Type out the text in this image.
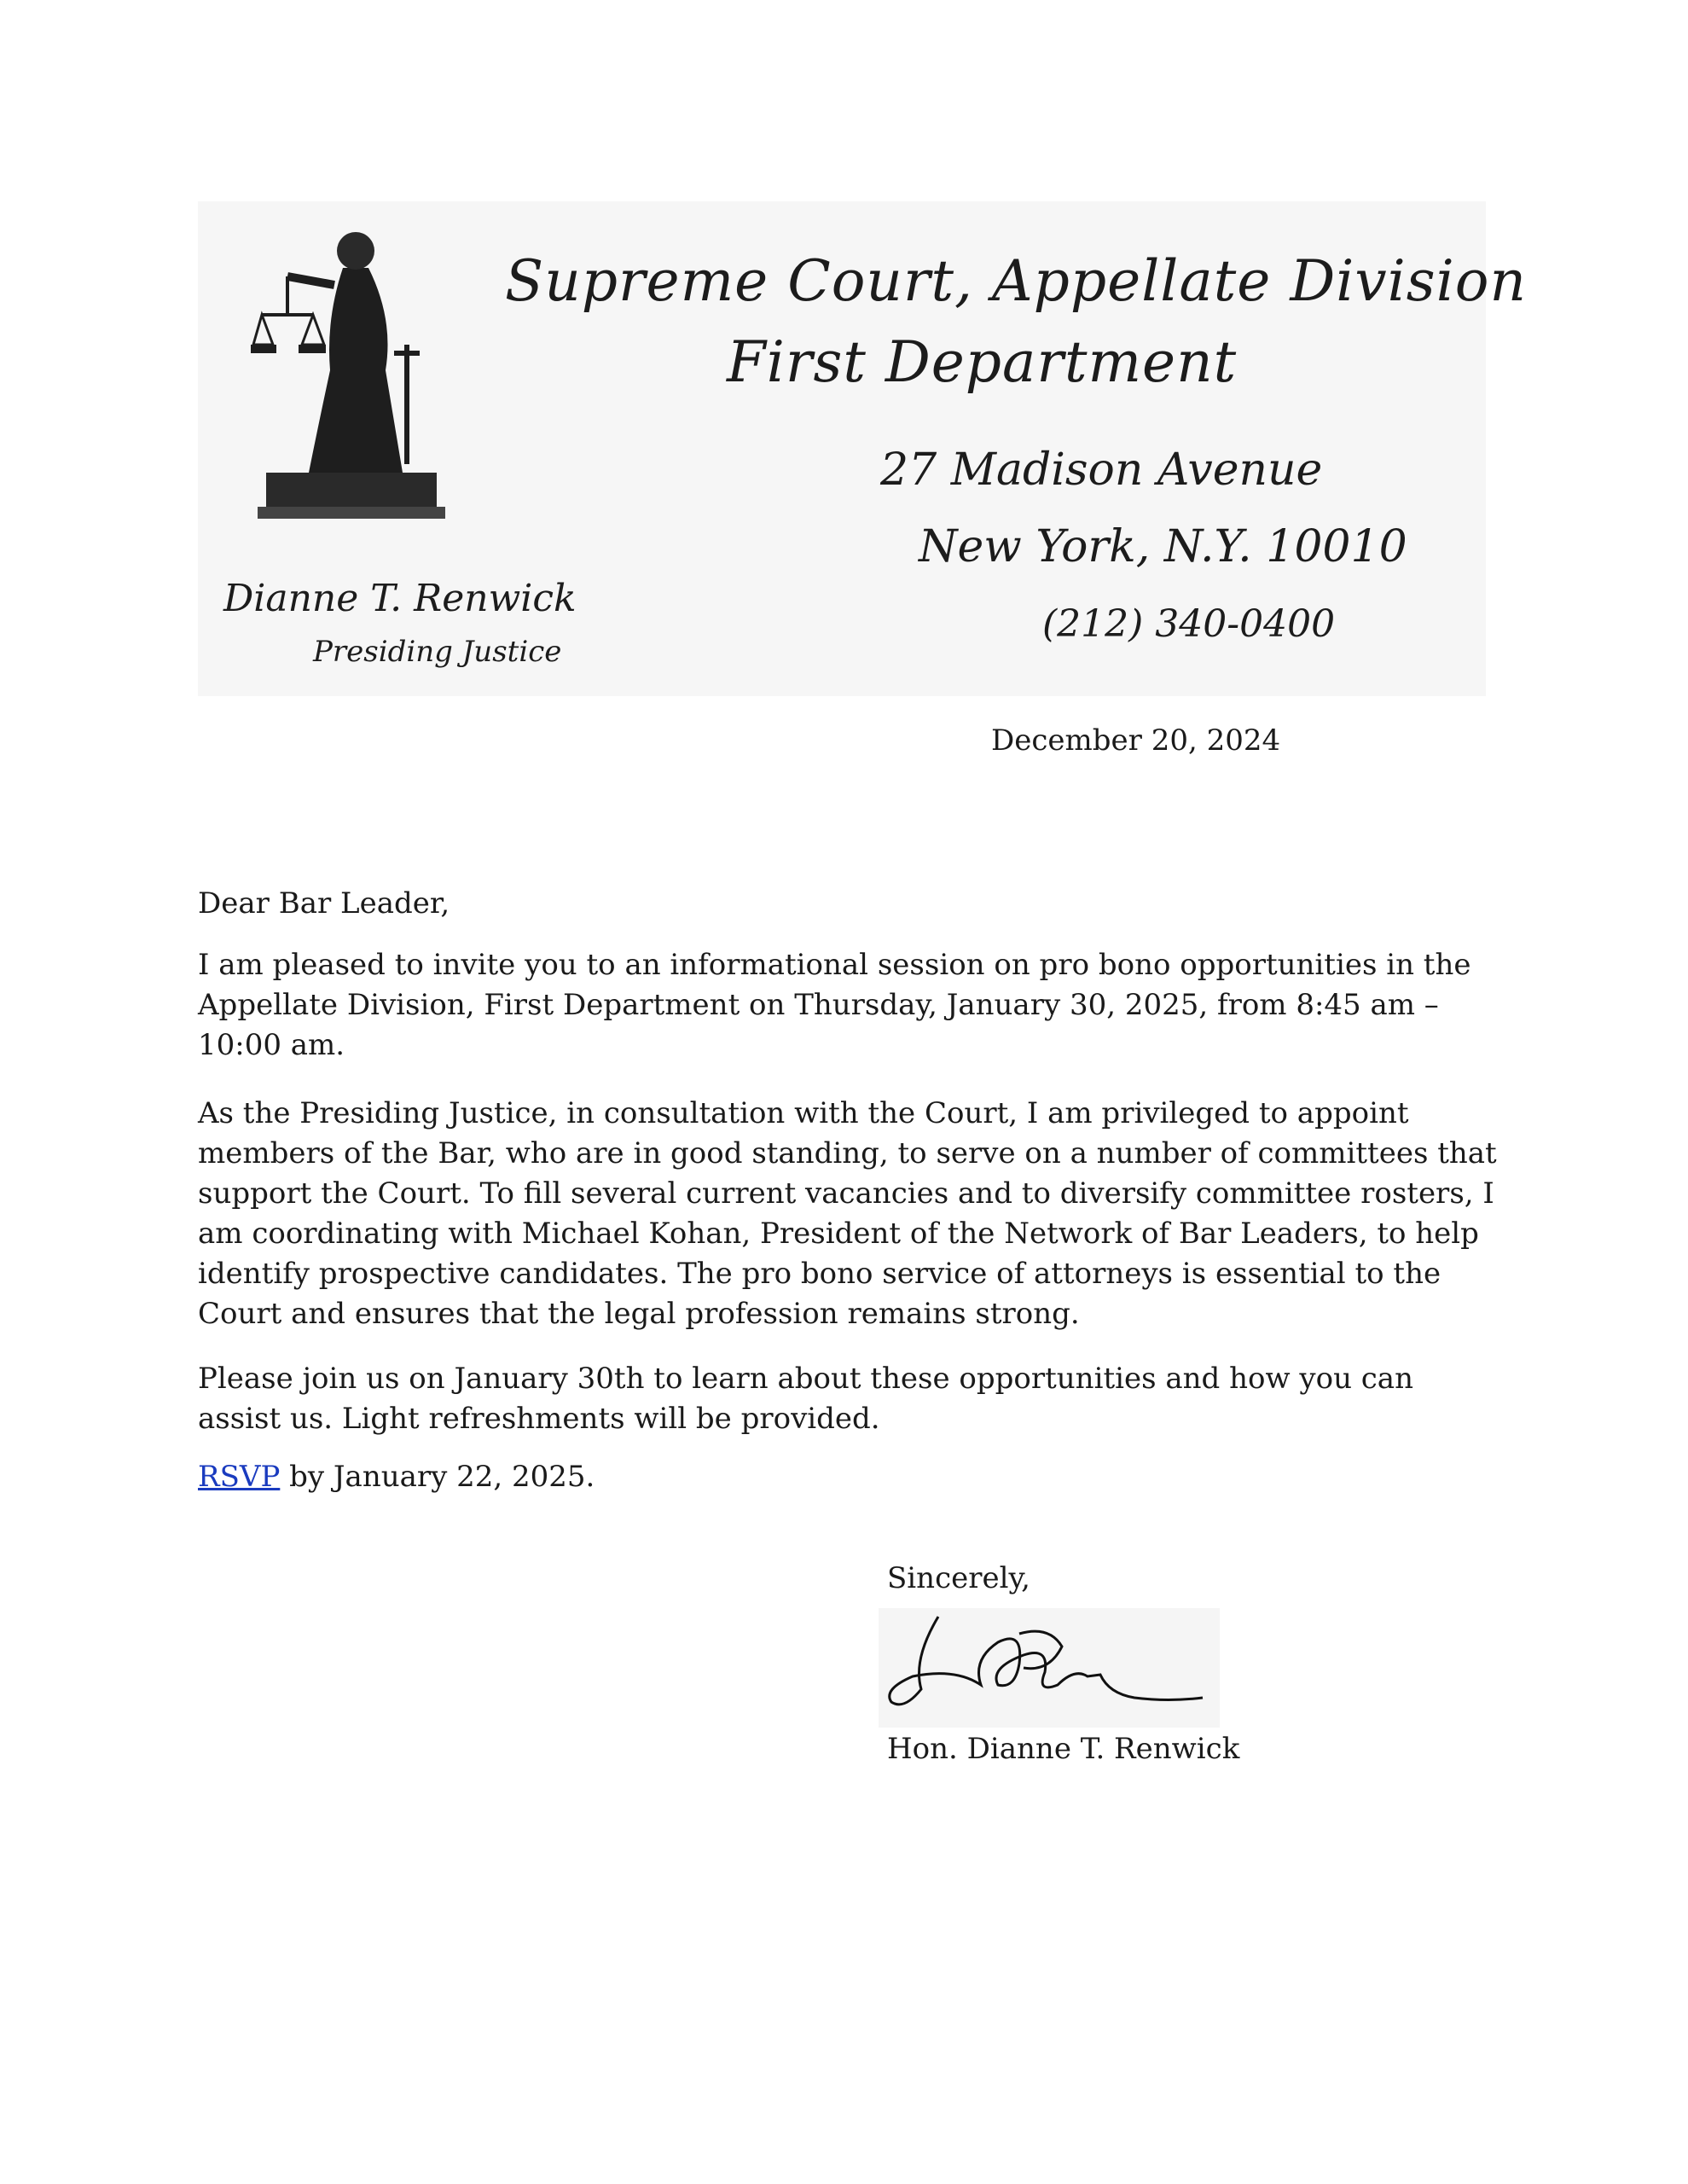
Supreme Court, Appellate Division
First Department
27 Madison Avenue
New York, N.Y. 10010
(212) 340-0400
Dianne T. Renwick
Presiding Justice
December 20, 2024

Dear Bar Leader,

I am pleased to invite you to an informational session on pro bono opportunities in the Appellate Division, First Department on Thursday, January 30, 2025, from 8:45 am – 10:00 am.

As the Presiding Justice, in consultation with the Court, I am privileged to appoint members of the Bar, who are in good standing, to serve on a number of committees that support the Court. To fill several current vacancies and to diversify committee rosters, I am coordinating with Michael Kohan, President of the Network of Bar Leaders, to help identify prospective candidates. The pro bono service of attorneys is essential to the Court and ensures that the legal profession remains strong.

Please join us on January 30th to learn about these opportunities and how you can assist us. Light refreshments will be provided.

RSVP by January 22, 2025.

Sincerely,
Hon. Dianne T. Renwick
